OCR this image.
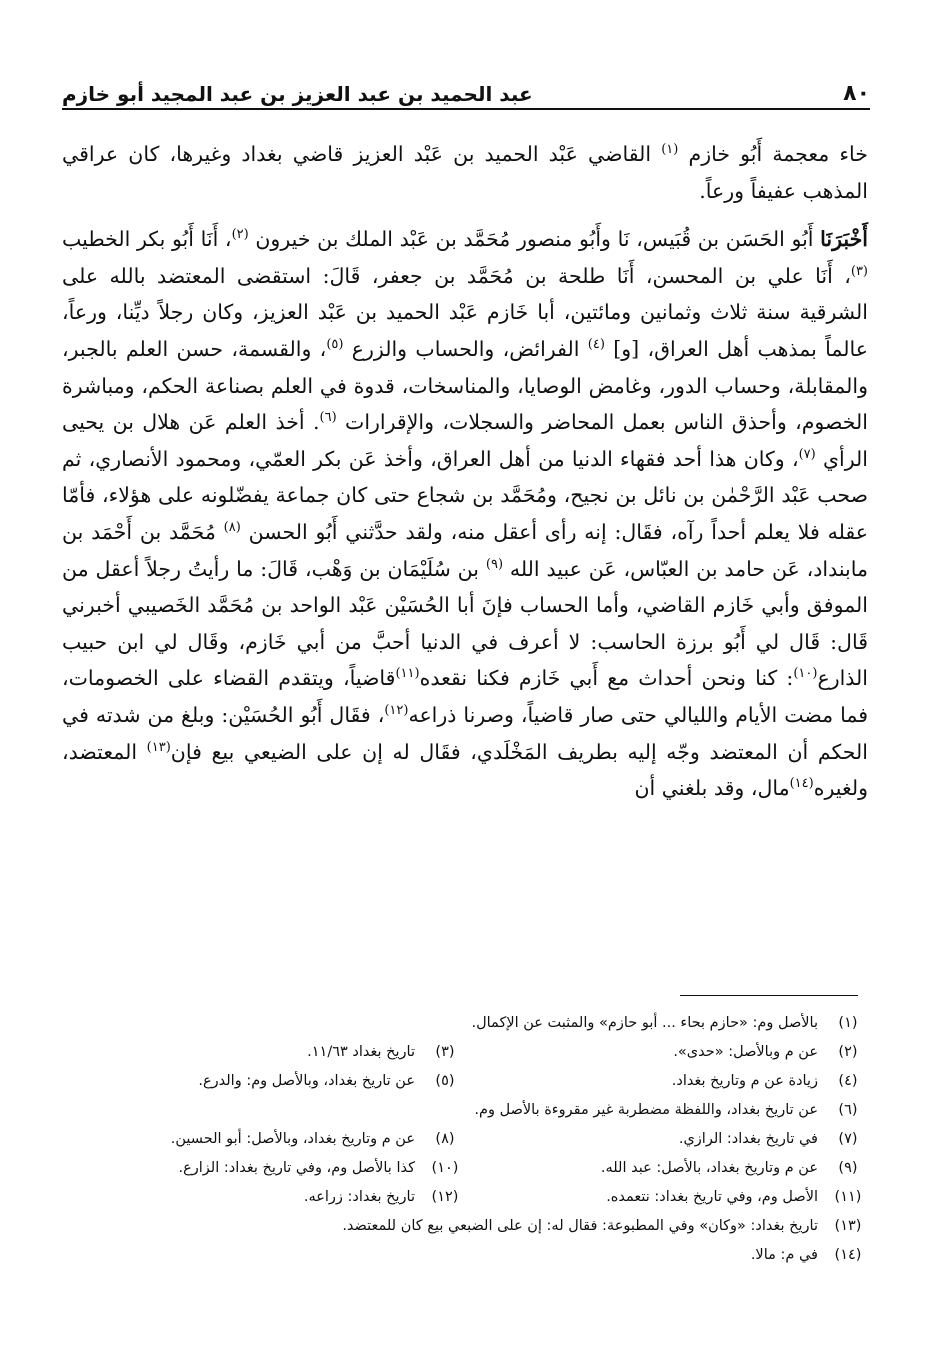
٨٠
عبد الحميد بن عبد العزيز بن عبد المجيد أبو خازم

خاء معجمة أَبُو خازم $^{(١)}$ القاضي عَبْد الحميد بن عَبْد العزيز قاضي بغداد وغيرها، كان عراقي المذهب عفيفاً ورعاً.

أَخْبَرَنَا أَبُو الحَسَن بن قُبَيس، نَا وأَبُو منصور مُحَمَّد بن عَبْد الملك بن خيرون $^{(٢)}$، أَنَا أَبُو بكر الخطيب $^{(٣)}$، أَنَا علي بن المحسن، أَنَا طلحة بن مُحَمَّد بن جعفر، قَالَ: استقضى المعتضد بالله على الشرقية سنة ثلاث وثمانين ومائتين، أبا خَازم عَبْد الحميد بن عَبْد العزيز، وكان رجلاً ديِّنا، ورعاً، عالماً بمذهب أهل العراق، [و] $^{(٤)}$ الفرائض، والحساب والزرع $^{(٥)}$، والقسمة، حسن العلم بالجبر، والمقابلة، وحساب الدور، وغامض الوصايا، والمناسخات، قدوة في العلم بصناعة الحكم، ومباشرة الخصوم، وأحذق الناس بعمل المحاضر والسجلات، والإقرارات $^{(٦)}$. أخذ العلم عَن هلال بن يحيى الرأي $^{(٧)}$، وكان هذا أحد فقهاء الدنيا من أهل العراق، وأخذ عَن بكر العمّي، ومحمود الأنصاري، ثم صحب عَبْد الرَّحْمٰن بن نائل بن نجيح، ومُحَمَّد بن شجاع حتى كان جماعة يفضّلونه على هؤلاء، فأمّا عقله فلا يعلم أحداً رآه، فقَال: إنه رأى أعقل منه، ولقد حدَّثني أَبُو الحسن $^{(٨)}$ مُحَمَّد بن أَحْمَد بن مابنداد، عَن حامد بن العبّاس، عَن عبيد الله $^{(٩)}$ بن سُلَيْمَان بن وَهْب، قَالَ: ما رأيتُ رجلاً أعقل من الموفق وأبي خَازم القاضي، وأما الحساب فإنَ أبا الحُسَيْن عَبْد الواحد بن مُحَمَّد الخَصيبي أخبرني قَال: قَال لي أَبُو برزة الحاسب: لا أعرف في الدنيا أحبَّ من أبي خَازم، وقَال لي ابن حبيب الذارع$^{(١٠)}$: كنا ونحن أحداث مع أَبي خَازم فكنا نقعده$^{(١١)}$قاضياً، ويتقدم القضاء على الخصومات، فما مضت الأيام والليالي حتى صار قاضياً، وصرنا ذراعه$^{(١٢)}$، فقَال أَبُو الحُسَيْن: وبلغ من شدته في الحكم أن المعتضد وجّه إليه بطريف المَخْلَدي، فقَال له إن على الضيعي بيع فإن$^{(١٣)}$ المعتضد، ولغيره$^{(١٤)}$مال، وقد بلغني أن

(١)
بالأصل وم: «حازم بحاء ... أبو حازم» والمثبت عن الإكمال.
(٢)
عن م وبالأصل: «حدى».
(٣)
تاريخ بغداد ١١/٦٣.
(٤)
زيادة عن م وتاريخ بغداد.
(٥)
عن تاريخ بغداد، وبالأصل وم: والدرع.
(٦)
عن تاريخ بغداد، واللفظة مضطربة غير مقروءة بالأصل وم.
(٧)
في تاريخ بغداد: الرازي.
(٨)
عن م وتاريخ بغداد، وبالأصل: أبو الحسين.
(٩)
عن م وتاريخ بغداد، بالأصل: عبد الله.
(١٠)
كذا بالأصل وم، وفي تاريخ بغداد: الزارع.
(١١)
الأصل وم، وفي تاريخ بغداد: نتعمده.
(١٢)
تاريخ بغداد: زراعه.
(١٣)
تاريخ بغداد: «وكان» وفي المطبوعة: فقال له: إن على الضبعي بيع كان للمعتضد.
(١٤)
في م: مالا.
